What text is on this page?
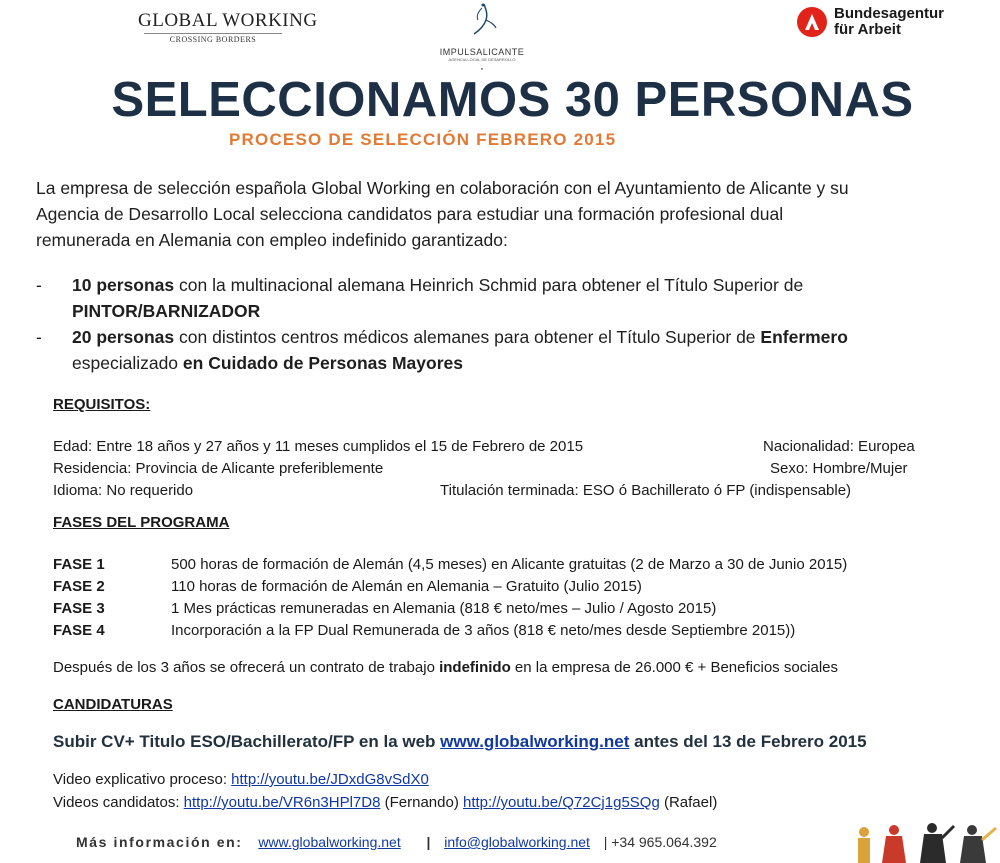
GLOBAL WORKING
CROSSING BORDERS
IMPULSALICANTE
AGENCIA LOCAL DE DESARROLLO
●
Bundesagentur
für Arbeit
SELECCIONAMOS 30 PERSONAS
PROCESO DE SELECCIÓN FEBRERO 2015
La empresa de selección española Global Working en colaboración con el Ayuntamiento de Alicante y su
Agencia de Desarrollo Local selecciona candidatos para estudiar una formación profesional dual
remunerada en Alemania con empleo indefinido garantizado:
- 10 personas con la multinacional alemana Heinrich Schmid para obtener el Título Superior de
PINTOR/BARNIZADOR
- 20 personas con distintos centros médicos alemanes para obtener el Título Superior de Enfermero
especializado en Cuidado de Personas Mayores
REQUISITOS:
Edad: Entre 18 años y 27 años y 11 meses cumplidos el 15 de Febrero de 2015	Nacionalidad: Europea
Residencia: Provincia de Alicante preferiblemente	Sexo: Hombre/Mujer
Idioma: No requerido	Titulación terminada: ESO ó Bachillerato ó FP (indispensable)
FASES DEL PROGRAMA
FASE 1	500 horas de formación de Alemán (4,5 meses) en Alicante gratuitas (2 de Marzo a 30 de Junio 2015)
FASE 2	110 horas de formación de Alemán en Alemania – Gratuito (Julio 2015)
FASE 3	1 Mes prácticas remuneradas en Alemania (818 € neto/mes – Julio / Agosto 2015)
FASE 4	Incorporación a la FP Dual Remunerada de 3 años (818 € neto/mes desde Septiembre 2015))
Después de los 3 años se ofrecerá un contrato de trabajo indefinido en la empresa de 26.000 € + Beneficios sociales
CANDIDATURAS
Subir CV+ Titulo ESO/Bachillerato/FP en la web www.globalworking.net antes del 13 de Febrero 2015
Video explicativo proceso: http://youtu.be/JDxdG8vSdX0
Videos candidatos: http://youtu.be/VR6n3HPl7D8 (Fernando) http://youtu.be/Q72Cj1g5SQg (Rafael)
Más información en: www.globalworking.net | info@globalworking.net | +34 965.064.392
